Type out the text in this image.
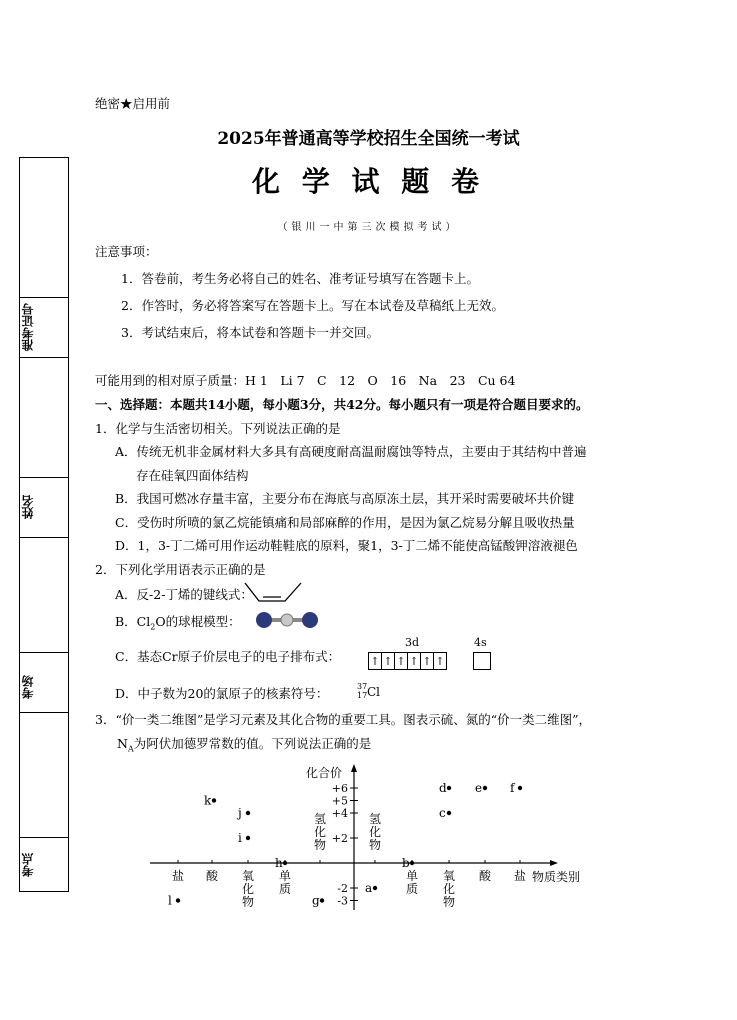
绝密★启用前
2025年普通高等学校招生全国统一考试
化 学 试 题 卷
（银川一中第三次模拟考试）
准考证号
姓名
考场
考点
注意事项：
1．答卷前，考生务必将自己的姓名、准考证号填写在答题卡上。
2．作答时，务必将答案写在答题卡上。写在本试卷及草稿纸上无效。
3．考试结束后，将本试卷和答题卡一并交回。
可能用到的相对原子质量：H 1　Li 7　C　12　O　16　Na　23　Cu 64
一、选择题：本题共14小题，每小题3分，共42分。每小题只有一项是符合题目要求的。
1．化学与生活密切相关。下列说法正确的是
A．传统无机非金属材料大多具有高硬度耐高温耐腐蚀等特点，主要由于其结构中普遍
存在硅氧四面体结构
B．我国可燃冰存量丰富，主要分布在海底与高原冻土层，其开采时需要破坏共价键
C．受伤时所喷的氯乙烷能镇痛和局部麻醉的作用，是因为氯乙烷易分解且吸收热量
D．1，3-丁二烯可用作运动鞋鞋底的原料，聚1，3-丁二烯不能使高锰酸钾溶液褪色
2．下列化学用语表示正确的是
A．反-2-丁烯的键线式：
B．$Cl_2O$的球棍模型：
C．基态Cr原子价层电子的电子排布式：
3d	4s
↑ ↑ ↑ ↑ ↑ ↑
D．中子数为20的氯原子的核素符号：	37
17 Cl
3．“价一类二维图”是学习元素及其化合物的重要工具。图表示硫、氮的“价一类二维图”，
$N_A$为阿伏加德罗常数的值。下列说法正确的是
化合价
物质类别
+6
+5
+4
+2
-2
-3
盐 酸 氧
化
物
单
质
氢
化
物
氢
化
物
单
质
氧
化
物
酸 盐
k
j
i
h
l	g
a
b
c
d e f
